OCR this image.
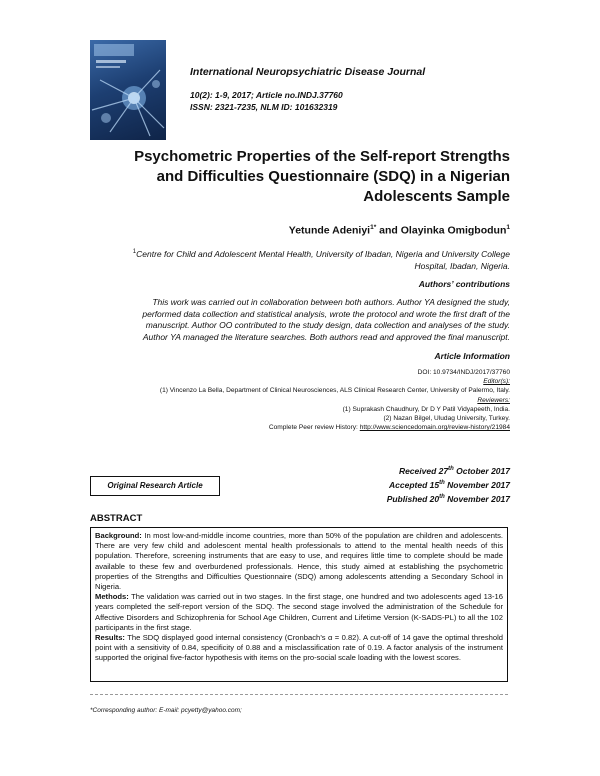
International Neuropsychiatric Disease Journal
10(2): 1-9, 2017; Article no.INDJ.37760
ISSN: 2321-7235, NLM ID: 101632319
Psychometric Properties of the Self-report Strengths
and Difficulties Questionnaire (SDQ) in a Nigerian
Adolescents Sample
Yetunde Adeniyi$^{1*}$ and Olayinka Omigbodun$^1$
$^1$Centre for Child and Adolescent Mental Health, University of Ibadan, Nigeria and University College
Hospital, Ibadan, Nigeria.
Authors’ contributions
This work was carried out in collaboration between both authors. Author YA designed the study,
performed data collection and statistical analysis, wrote the protocol and wrote the first draft of the
manuscript. Author OO contributed to the study design, data collection and analyses of the study.
Author YA managed the literature searches. Both authors read and approved the final manuscript.
Article Information
DOI: 10.9734/INDJ/2017/37760
Editor(s):
(1) Vincenzo La Bella, Department of Clinical Neurosciences, ALS Clinical Research Center, University of Palermo, Italy.
Reviewers:
(1) Suprakash Chaudhury, Dr D Y Patil Vidyapeeth, India.
(2) Nazan Bilgel, Uludag University, Turkey.
Complete Peer review History: http://www.sciencedomain.org/review-history/21984
Received 27th October 2017
Accepted 15th November 2017
Published 20th November 2017
Original Research Article
ABSTRACT

Background: In most low-and-middle income countries, more than 50% of the population are children and adolescents. There are very few child and adolescent mental health professionals to attend to the mental health needs of this population. Therefore, screening instruments that are easy to use, and requires little time to complete should be made available to these few and overburdened professionals. Hence, this study aimed at establishing the psychometric properties of the Strengths and Difficulties Questionnaire (SDQ) among adolescents attending a Secondary School in Nigeria.

Methods: The validation was carried out in two stages. In the first stage, one hundred and two adolescents aged 13-16 years completed the self-report version of the SDQ. The second stage involved the administration of the Schedule for Affective Disorders and Schizophrenia for School Age Children, Current and Lifetime Version (K-SADS-PL) to all the 102 participants in the first stage.

Results: The SDQ displayed good internal consistency (Cronbach’s α = 0.82). A cut-off of 14 gave the optimal threshold point with a sensitivity of 0.84, specificity of 0.88 and a misclassification rate of 0.19. A factor analysis of the instrument supported the original five-factor hypothesis with items on the pro-social scale loading with the lowest scores.

*Corresponding author: E-mail: pcyetty@yahoo.com;
